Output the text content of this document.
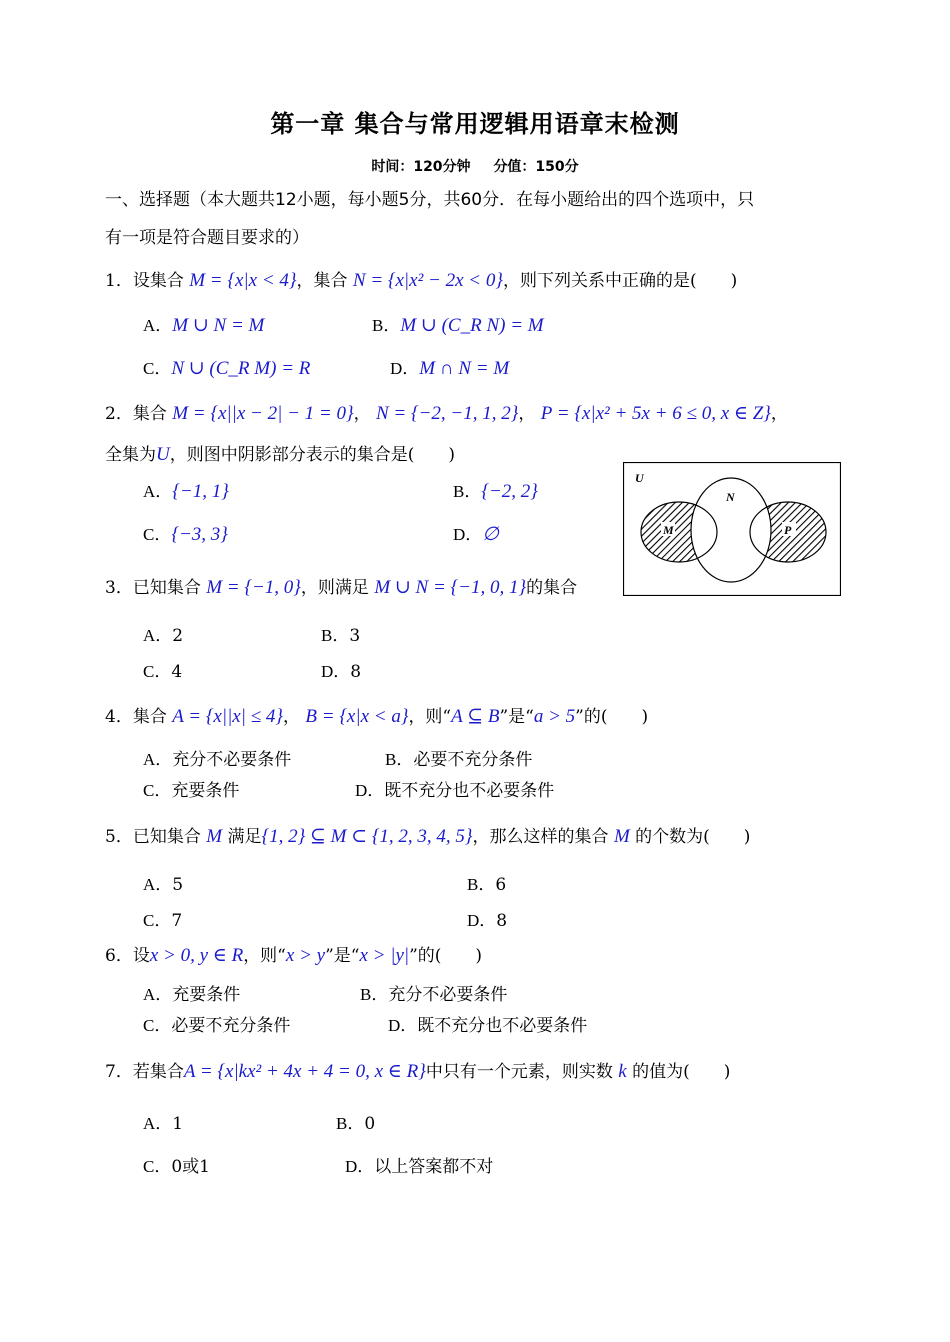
第一章 集合与常用逻辑用语章末检测
时间：120分钟 分值：150分
一、选择题（本大题共12小题，每小题5分，共60分．在每小题给出的四个选项中，只
有一项是符合题目要求的）
1．设集合 M = {x|x < 4}，集合 N = {x|x² − 2x < 0}，则下列关系中正确的是(　　)
A．M ∪ N = M	B．M ∪ (C_R N) = M
C．N ∪ (C_R M) = R	D．M ∩ N = M
2．集合 M = {x||x − 2| − 1 = 0}， N = {−2, −1, 1, 2}， P = {x|x² + 5x + 6 ≤ 0, x ∈ Z}，
全集为U，则图中阴影部分表示的集合是(　　)
A．{−1, 1}	B．{−2, 2}
C．{−3, 3}	D．∅
U
M
N
P
3．已知集合 M = {−1, 0}，则满足 M ∪ N = {−1, 0, 1}的集合
A．2	B．3
C．4	D．8
4．集合 A = {x||x| ≤ 4}， B = {x|x < a}，则“A ⊆ B”是“a > 5”的(　　)
A．充分不必要条件	B．必要不充分条件
C．充要条件	D．既不充分也不必要条件
5．已知集合 M 满足{1, 2} ⊆ M ⊂ {1, 2, 3, 4, 5}，那么这样的集合 M 的个数为(　　)
A．5	B．6
C．7	D．8
6．设x > 0, y ∈ R，则“x > y”是“x > |y|”的(　　)
A．充要条件	B．充分不必要条件
C．必要不充分条件	D．既不充分也不必要条件
7．若集合A = {x|kx² + 4x + 4 = 0, x ∈ R}中只有一个元素，则实数 k 的值为(　　)
A．1	B．0
C．0或1	D．以上答案都不对
